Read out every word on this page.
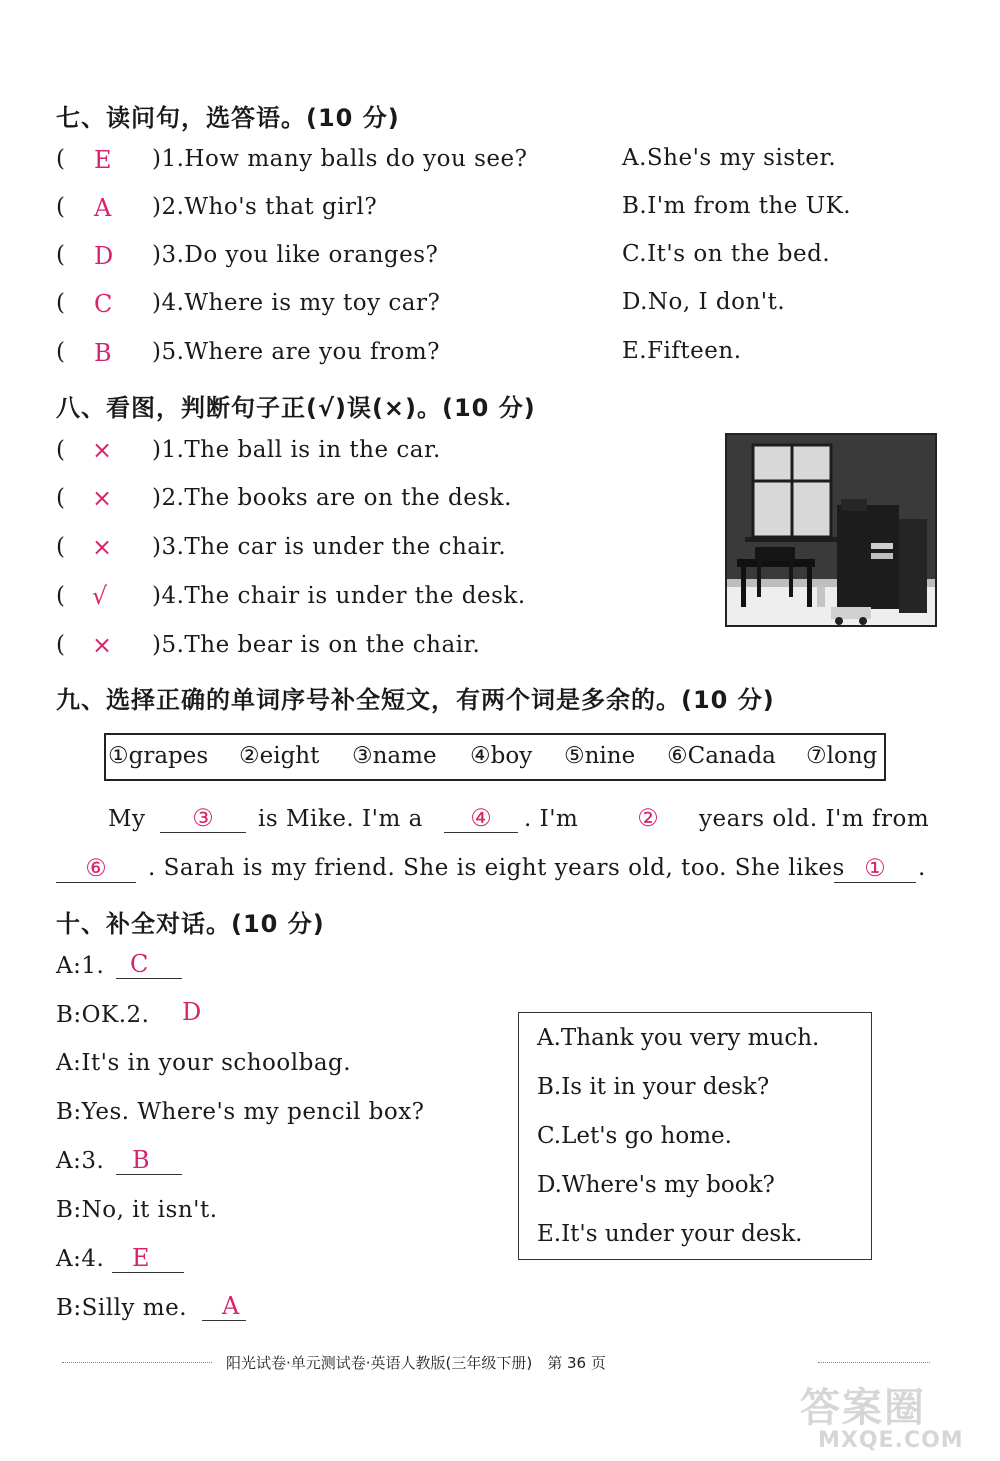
七、读问句，选答语。(10 分)
( E )1.How many balls do you see?
( A )2.Who's that girl?
( D )3.Do you like oranges?
( C )4.Where is my toy car?
( B )5.Where are you from?
A.She's my sister.
B.I'm from the UK.
C.It's on the bed.
D.No, I don't.
E.Fifteen.
八、看图，判断句子正(√)误(×)。(10 分)
( × )1.The ball is in the car.
( × )2.The books are on the desk.
( × )3.The car is under the chair.
( √ )4.The chair is under the desk.
( × )5.The bear is on the chair.
九、选择正确的单词序号补全短文，有两个词是多余的。(10 分)
①grapes ②eight ③name ④boy ⑤nine ⑥Canada ⑦long
My	③	is Mike. I'm a	④	. I'm	②	years old. I'm from
⑥	. Sarah is my friend. She is eight years old, too. She likes ①	.
十、补全对话。(10 分)
A:1.	C
B:OK.2.	D
A:It's in your schoolbag.
B:Yes. Where's my pencil box?
A:3.	B
B:No, it isn't.
A:4.	E
B:Silly me.	A
A.Thank you very much.
B.Is it in your desk?
C.Let's go home.
D.Where's my book?
E.It's under your desk.
阳光试卷·单元测试卷·英语人教版(三年级下册)　第 36 页
答案圈
MXQE.COM
